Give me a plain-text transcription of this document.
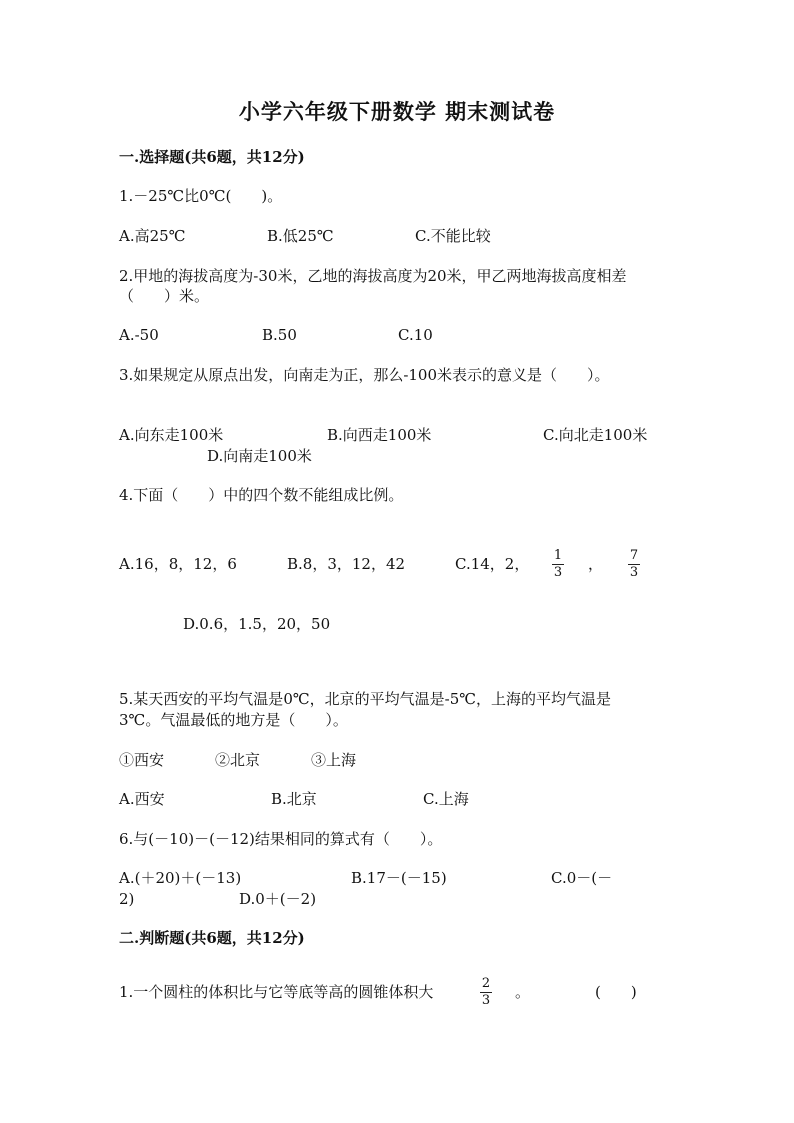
小学六年级下册数学 期末测试卷
一.选择题(共6题，共12分)
1.－25℃比0℃(　　)。
A.高25℃	B.低25℃	C.不能比较
2.甲地的海拔高度为-30米，乙地的海拔高度为20米，甲乙两地海拔高度相差
（　　）米。
A.-50	B.50	C.10
3.如果规定从原点出发，向南走为正，那么-100米表示的意义是（　　）。
A.向东走100米	B.向西走100米	C.向北走100米
D.向南走100米
4.下面（　　）中的四个数不能组成比例。
A.16，8，12，6	B.8，3，12，42	C.14，2， 1
3 ， 7
3
D.0.6，1.5，20，50
5.某天西安的平均气温是0℃，北京的平均气温是-5℃，上海的平均气温是
3℃。气温最低的地方是（　　）。
①西安	②北京	③上海
A.西安	B.北京	C.上海
6.与(－10)－(－12)结果相同的算式有（　　）。
A.(＋20)＋(－13)	B.17－(－15)	C.0－(－
2)	D.0＋(－2)
二.判断题(共6题，共12分)
1.一个圆柱的体积比与它等底等高的圆锥体积大	2
3 。	(　　)
